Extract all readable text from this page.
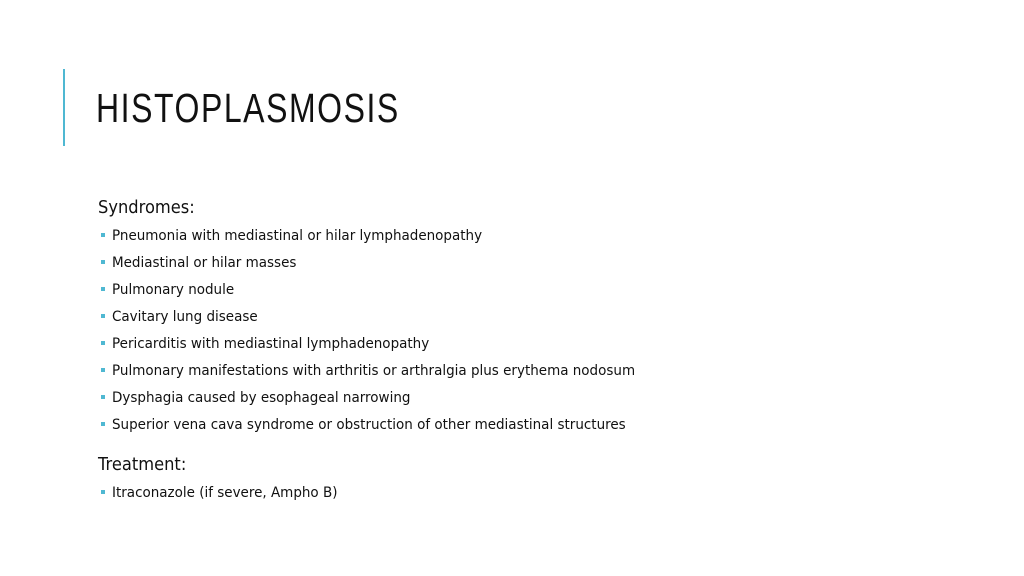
HISTOPLASMOSIS
Syndromes:
Pneumonia with mediastinal or hilar lymphadenopathy
Mediastinal or hilar masses
Pulmonary nodule
Cavitary lung disease
Pericarditis with mediastinal lymphadenopathy
Pulmonary manifestations with arthritis or arthralgia plus erythema nodosum
Dysphagia caused by esophageal narrowing
Superior vena cava syndrome or obstruction of other mediastinal structures
Treatment:
Itraconazole (if severe, Ampho B)
